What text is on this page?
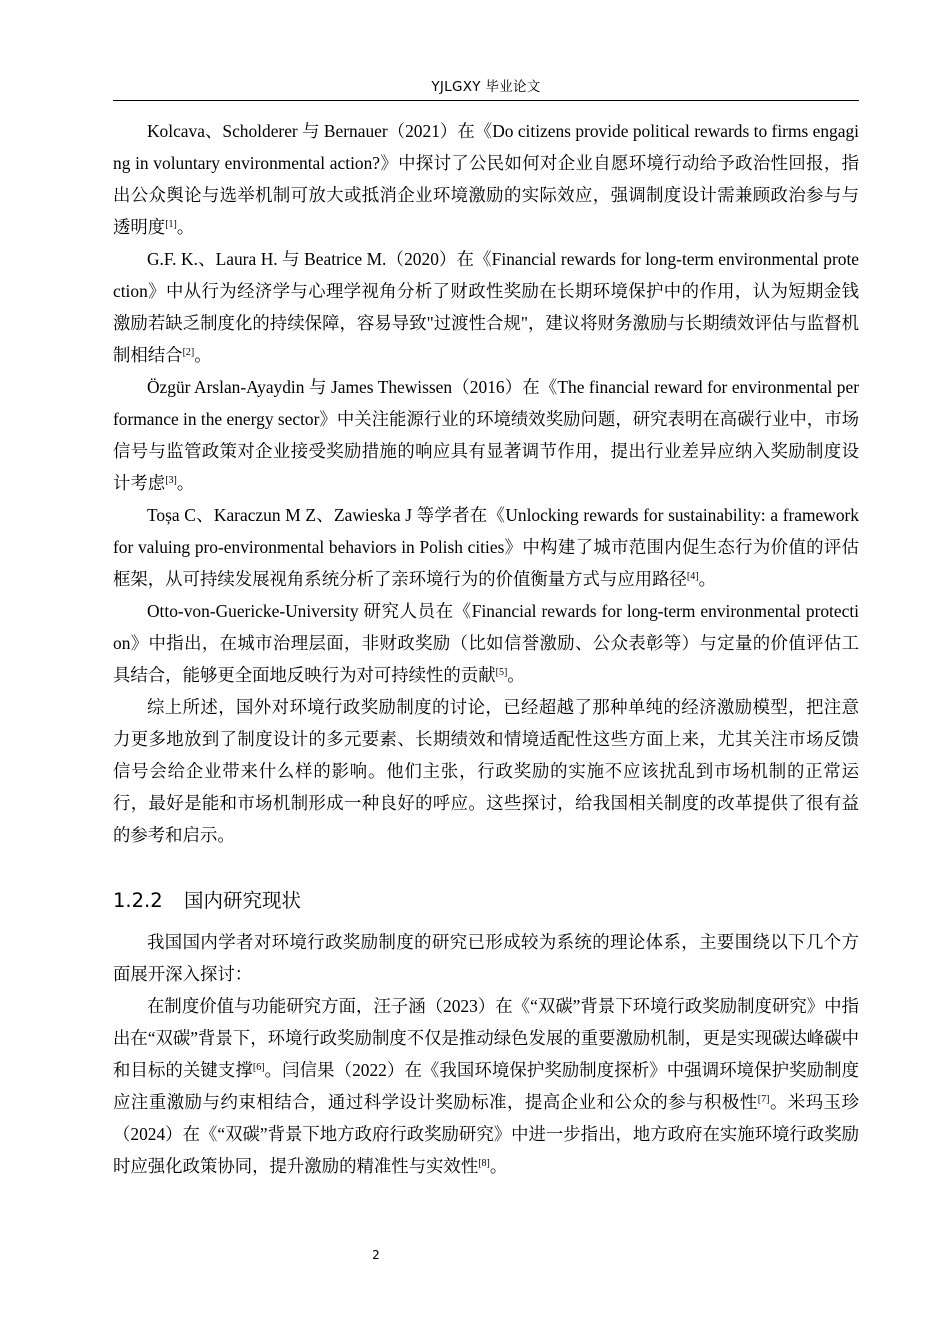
YJLGXY 毕业论文

Kolcava、Scholderer 与 Bernauer（2021）在《Do citizens provide political rewards to firms engaging in voluntary environmental action?》中探讨了公民如何对企业自愿环境行动给予政治性回报，指出公众舆论与选举机制可放大或抵消企业环境激励的实际效应，强调制度设计需兼顾政治参与与透明度[1]。

G.F. K.、Laura H. 与 Beatrice M.（2020）在《Financial rewards for long-term environmental protection》中从行为经济学与心理学视角分析了财政性奖励在长期环境保护中的作用，认为短期金钱激励若缺乏制度化的持续保障，容易导致"过渡性合规"，建议将财务激励与长期绩效评估与监督机制相结合[2]。

Özgür Arslan-Ayaydin 与 James Thewissen（2016）在《The financial reward for environmental performance in the energy sector》中关注能源行业的环境绩效奖励问题，研究表明在高碳行业中，市场信号与监管政策对企业接受奖励措施的响应具有显著调节作用，提出行业差异应纳入奖励制度设计考虑[3]。

Toșa C、Karaczun M Z、Zawieska J 等学者在《Unlocking rewards for sustainability: a framework for valuing pro-environmental behaviors in Polish cities》中构建了城市范围内促生态行为价值的评估框架，从可持续发展视角系统分析了亲环境行为的价值衡量方式与应用路径[4]。

Otto-von-Guericke-University 研究人员在《Financial rewards for long-term environmental protection》中指出，在城市治理层面，非财政奖励（比如信誉激励、公众表彰等）与定量的价值评估工具结合，能够更全面地反映行为对可持续性的贡献[5]。

综上所述，国外对环境行政奖励制度的讨论，已经超越了那种单纯的经济激励模型，把注意力更多地放到了制度设计的多元要素、长期绩效和情境适配性这些方面上来，尤其关注市场反馈信号会给企业带来什么样的影响。他们主张，行政奖励的实施不应该扰乱到市场机制的正常运行，最好是能和市场机制形成一种良好的呼应。这些探讨，给我国相关制度的改革提供了很有益的参考和启示。

1.2.2 国内研究现状

我国国内学者对环境行政奖励制度的研究已形成较为系统的理论体系，主要围绕以下几个方面展开深入探讨：

在制度价值与功能研究方面，汪子涵（2023）在《“双碳”背景下环境行政奖励制度研究》中指出在“双碳”背景下，环境行政奖励制度不仅是推动绿色发展的重要激励机制，更是实现碳达峰碳中和目标的关键支撑[6]。闫信果（2022）在《我国环境保护奖励制度探析》中强调环境保护奖励制度应注重激励与约束相结合，通过科学设计奖励标准，提高企业和公众的参与积极性[7]。米玛玉珍（2024）在《“双碳”背景下地方政府行政奖励研究》中进一步指出，地方政府在实施环境行政奖励时应强化政策协同，提升激励的精准性与实效性[8]。

2
